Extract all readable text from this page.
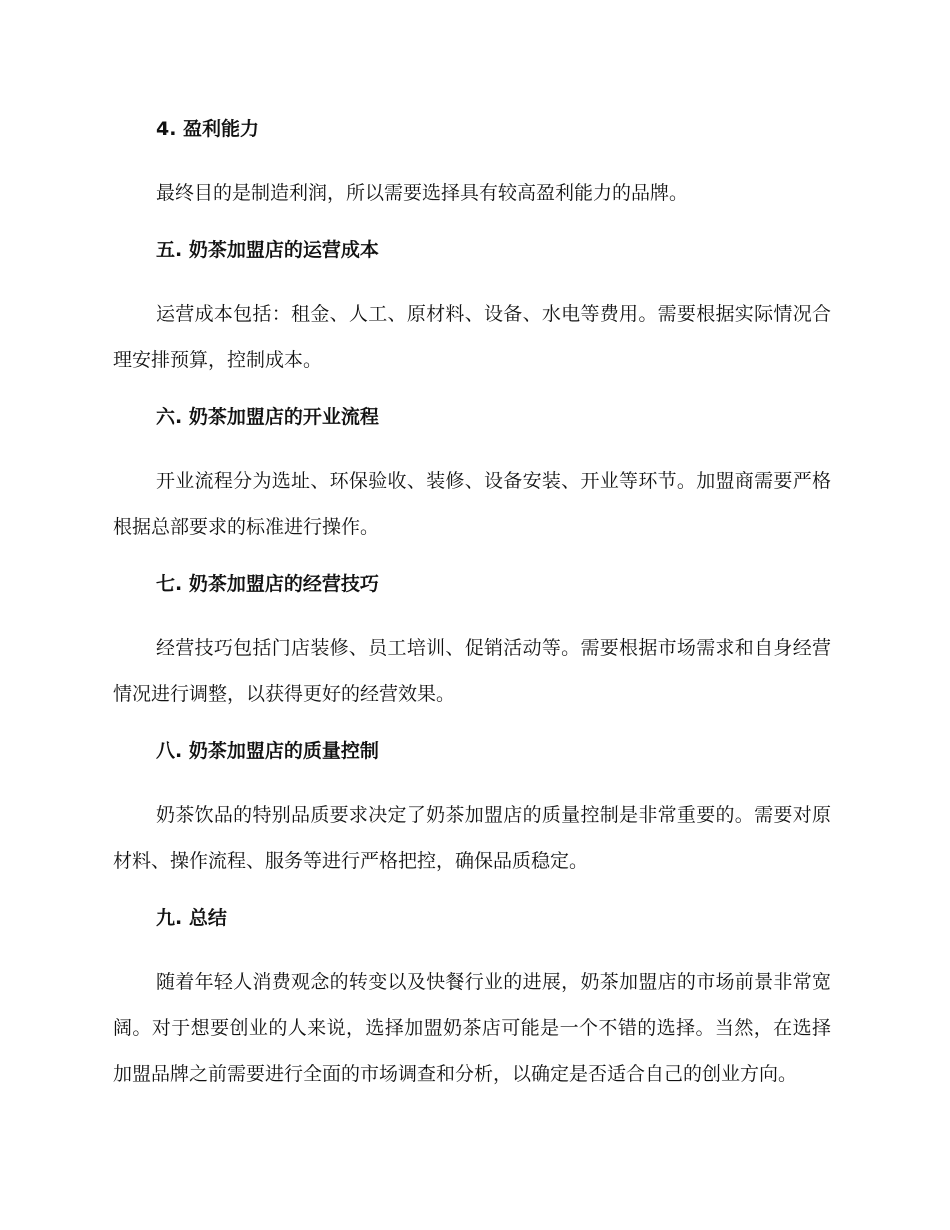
4. 盈利能力
最终目的是制造利润，所以需要选择具有较高盈利能力的品牌。
五. 奶茶加盟店的运营成本
运营成本包括：租金、人工、原材料、设备、水电等费用。需要根据实际情况合理安排预算，控制成本。
六. 奶茶加盟店的开业流程
开业流程分为选址、环保验收、装修、设备安装、开业等环节。加盟商需要严格根据总部要求的标准进行操作。
七. 奶茶加盟店的经营技巧
经营技巧包括门店装修、员工培训、促销活动等。需要根据市场需求和自身经营情况进行调整，以获得更好的经营效果。
八. 奶茶加盟店的质量控制
奶茶饮品的特别品质要求决定了奶茶加盟店的质量控制是非常重要的。需要对原材料、操作流程、服务等进行严格把控，确保品质稳定。
九. 总结
随着年轻人消费观念的转变以及快餐行业的进展，奶茶加盟店的市场前景非常宽阔。对于想要创业的人来说，选择加盟奶茶店可能是一个不错的选择。当然，在选择加盟品牌之前需要进行全面的市场调查和分析，以确定是否适合自己的创业方向。
